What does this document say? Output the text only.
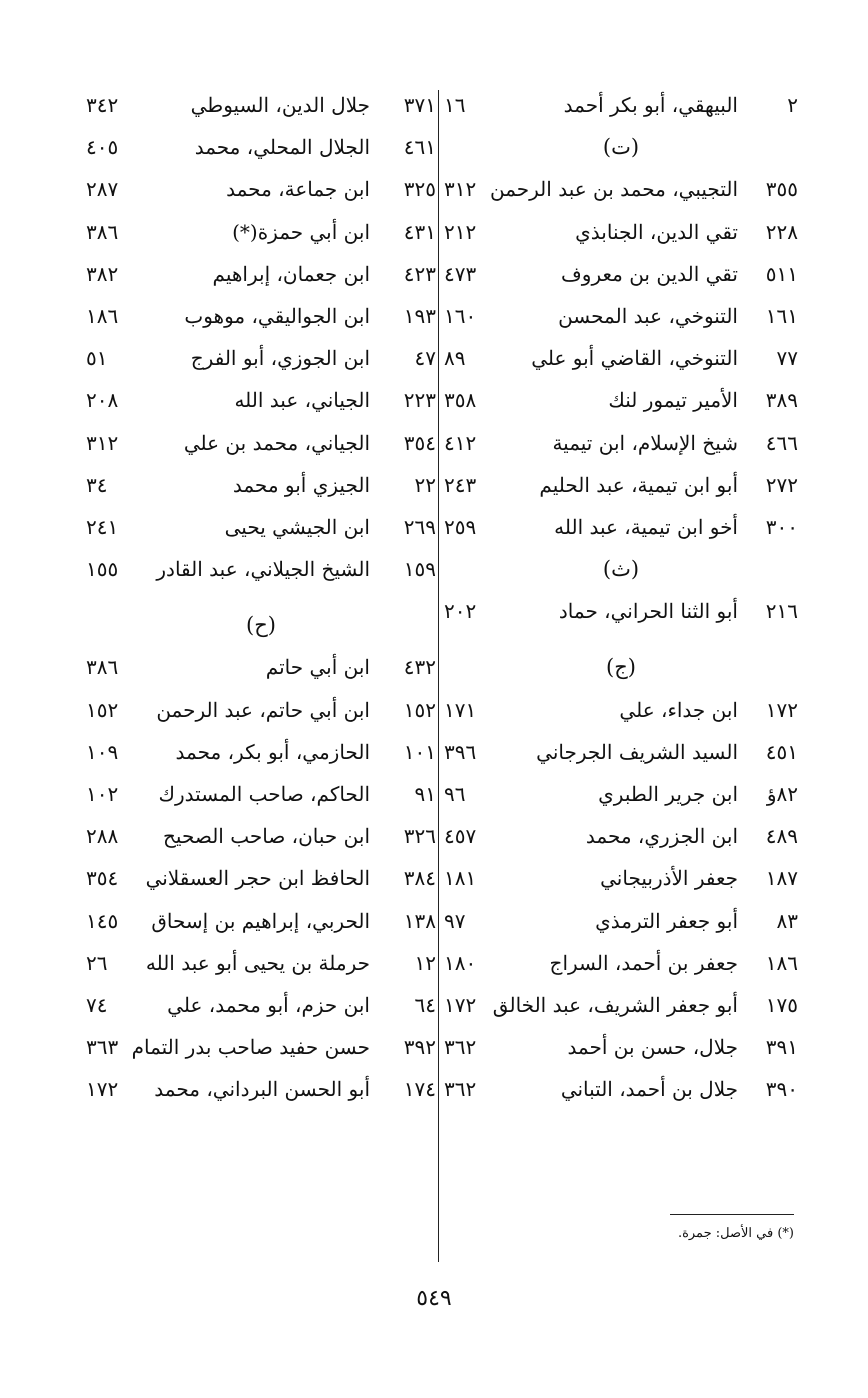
٢
البيهقي، أبو بكر أحمد
١٦
(ت)
٣٥٥
التجيبي، محمد بن عبد الرحمن
٣١٢
٢٢٨
تقي الدين، الجنابذي
٢١٢
٥١١
تقي الدين بن معروف
٤٧٣
١٦١
التنوخي، عبد المحسن
١٦٠
٧٧
التنوخي، القاضي أبو علي
٨٩
٣٨٩
الأمير تيمور لنك
٣٥٨
٤٦٦
شيخ الإسلام، ابن تيمية
٤١٢
٢٧٢
أبو ابن تيمية، عبد الحليم
٢٤٣
٣٠٠
أخو ابن تيمية، عبد الله
٢٥٩
(ث)
٢١٦
أبو الثنا الحراني، حماد
٢٠٢
(ج)
١٧٢
ابن جداء، علي
١٧١
٤٥١
السيد الشريف الجرجاني
٣٩٦
٨٢ؤ
ابن جرير الطبري
٩٦
٤٨٩
ابن الجزري، محمد
٤٥٧
١٨٧
جعفر الأذربيجاني
١٨١
٨٣
أبو جعفر الترمذي
٩٧
١٨٦
جعفر بن أحمد، السراج
١٨٠
١٧٥
أبو جعفر الشريف، عبد الخالق
١٧٢
٣٩١
جلال، حسن بن أحمد
٣٦٢
٣٩٠
جلال بن أحمد، التباني
٣٦٢
٣٧١
جلال الدين، السيوطي
٣٤٢
٤٦١
الجلال المحلي، محمد
٤٠٥
٣٢٥
ابن جماعة، محمد
٢٨٧
٤٣١
ابن أبي حمزة(*)
٣٨٦
٤٢٣
ابن جعمان، إبراهيم
٣٨٢
١٩٣
ابن الجواليقي، موهوب
١٨٦
٤٧
ابن الجوزي، أبو الفرج
٥١
٢٢٣
الجياني، عبد الله
٢٠٨
٣٥٤
الجياني، محمد بن علي
٣١٢
٢٢
الجيزي أبو محمد
٣٤
٢٦٩
ابن الجيشي يحيى
٢٤١
١٥٩
الشيخ الجيلاني، عبد القادر
١٥٥
(ح)
٤٣٢
ابن أبي حاتم
٣٨٦
١٥٢
ابن أبي حاتم، عبد الرحمن
١٥٢
١٠١
الحازمي، أبو بكر، محمد
١٠٩
٩١
الحاكم، صاحب المستدرك
١٠٢
٣٢٦
ابن حبان، صاحب الصحيح
٢٨٨
٣٨٤
الحافظ ابن حجر العسقلاني
٣٥٤
١٣٨
الحربي، إبراهيم بن إسحاق
١٤٥
١٢
حرملة بن يحيى أبو عبد الله
٢٦
٦٤
ابن حزم، أبو محمد، علي
٧٤
٣٩٢
حسن حفيد صاحب بدر التمام
٣٦٣
١٧٤
أبو الحسن البرداني، محمد
١٧٢
(*) في الأصل: جمرة.
٥٤٩
